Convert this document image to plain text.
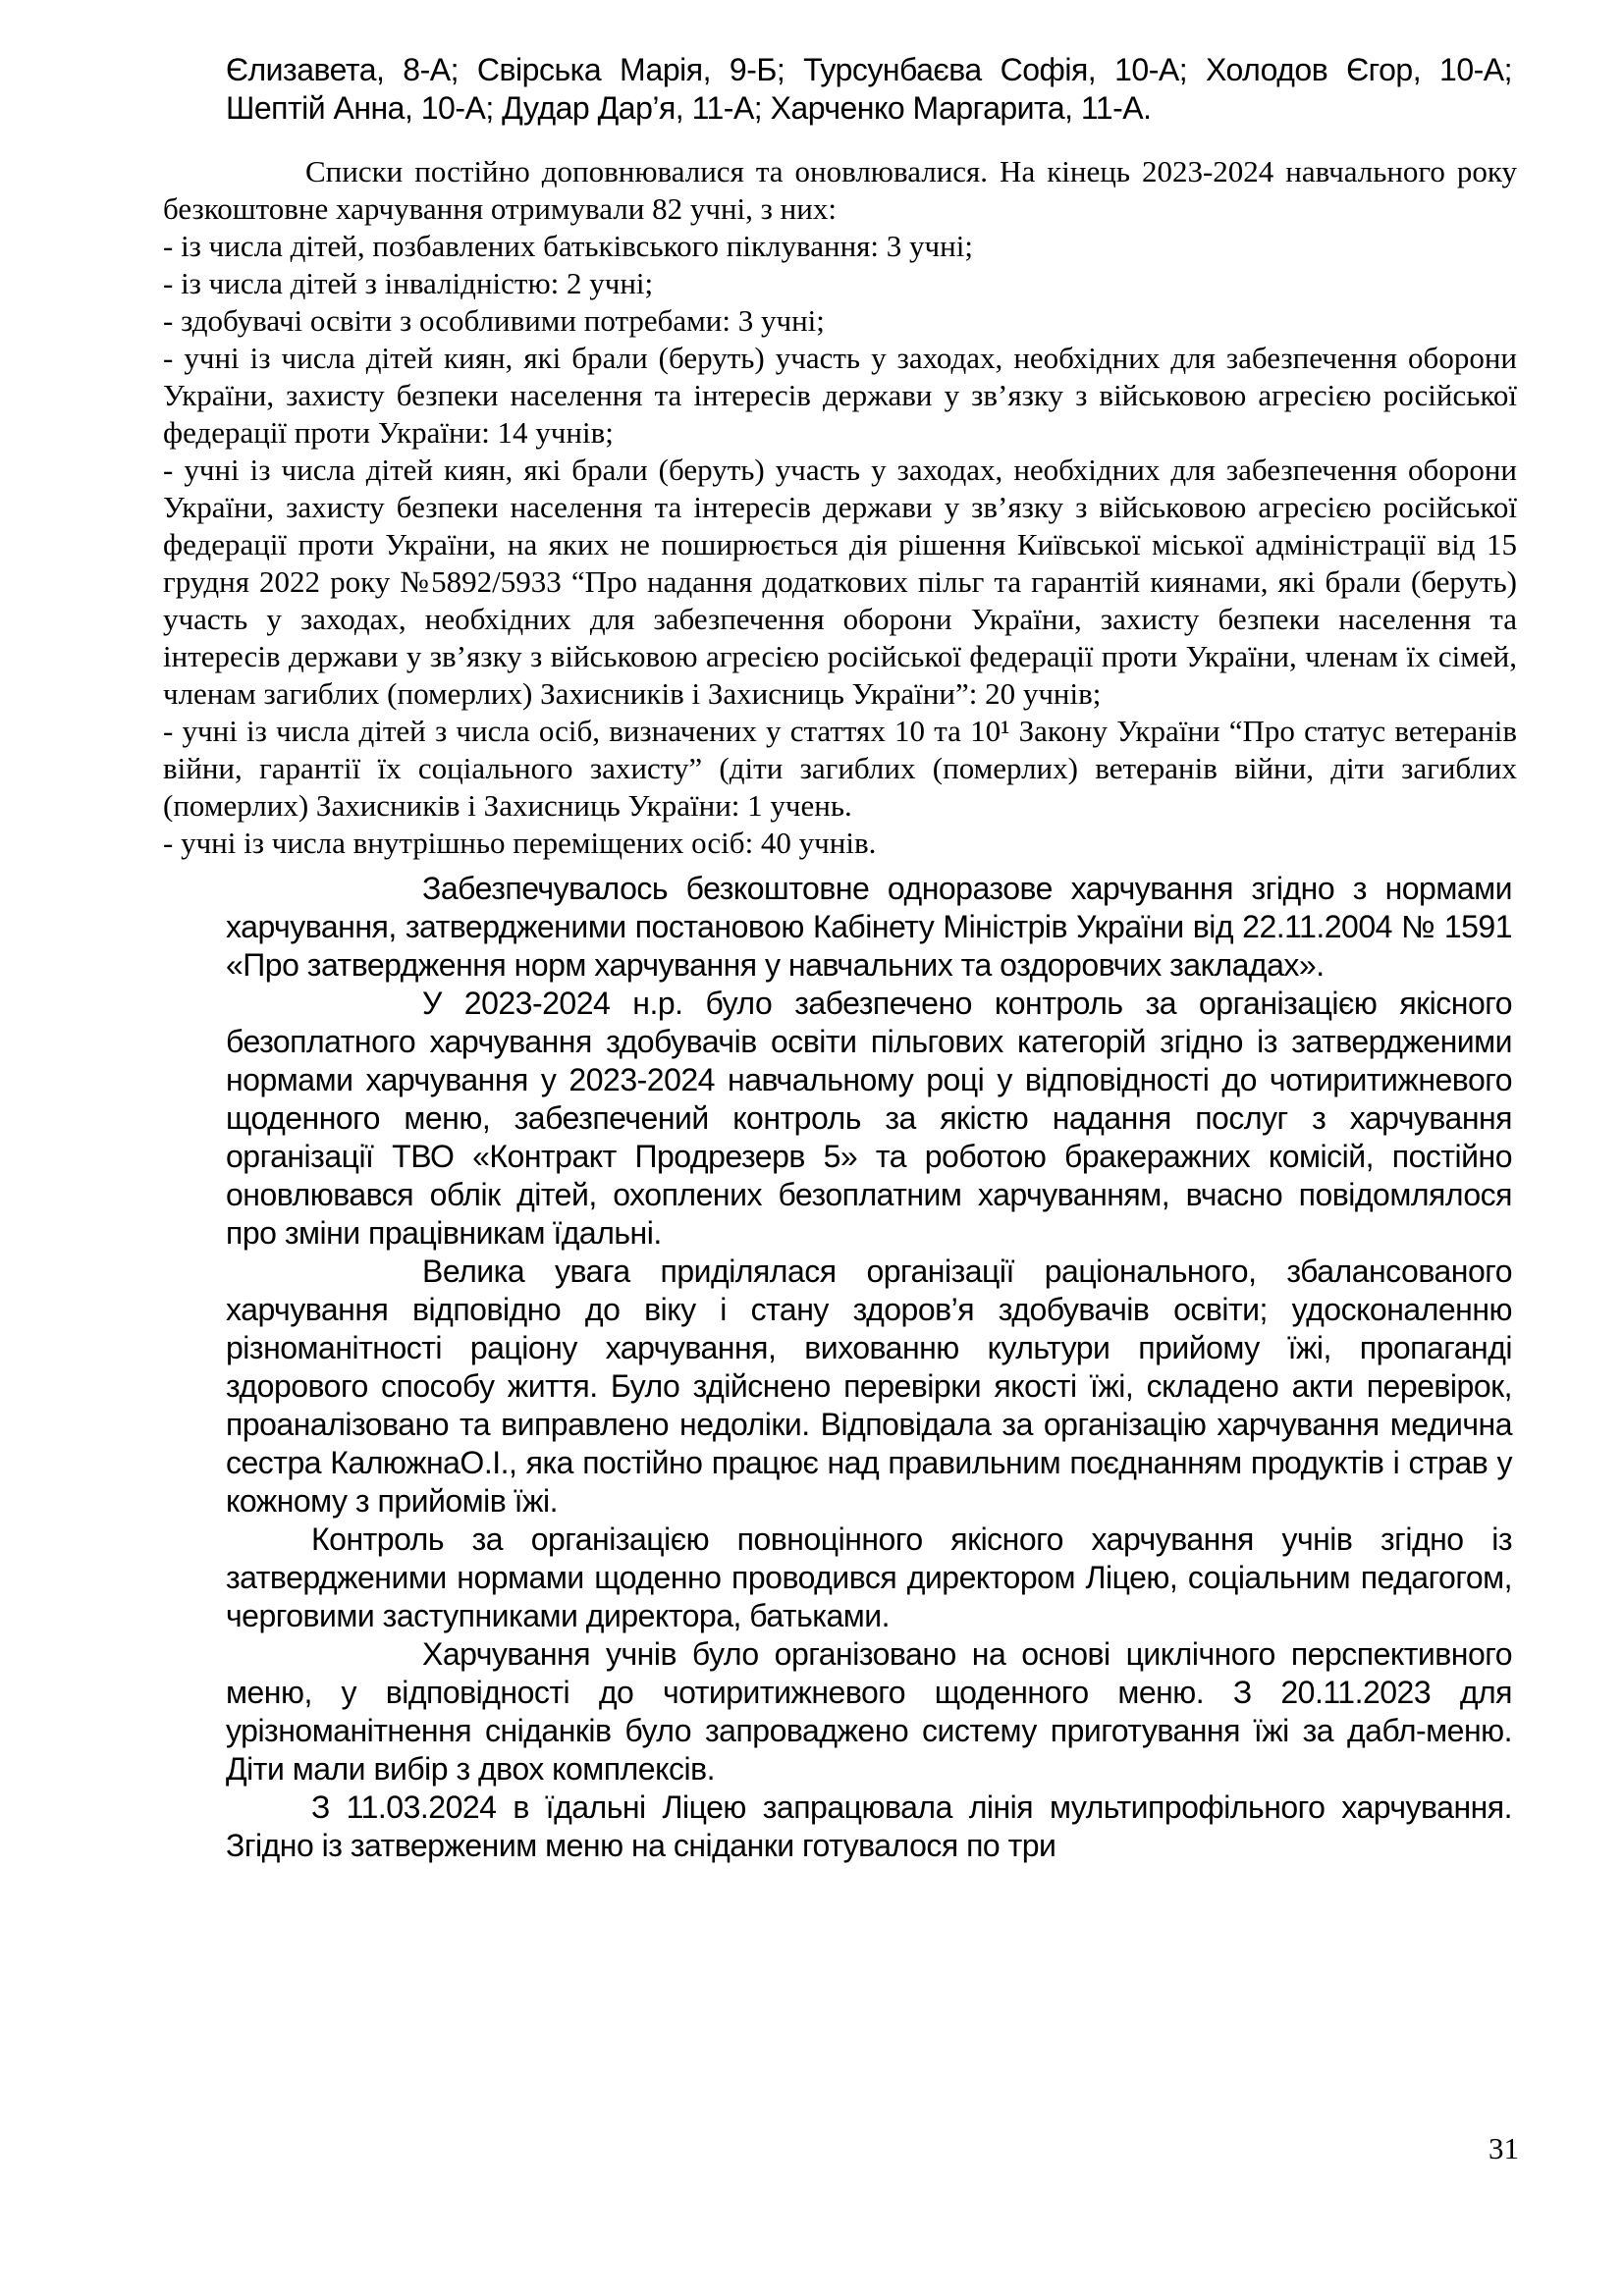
Єлизавета, 8-А; Свірська Марія, 9-Б; Турсунбаєва Софія, 10-А; Холодов Єгор, 10-А; Шептій Анна, 10-А; Дудар Дар’я, 11-А; Харченко Маргарита, 11-А.

Списки постійно доповнювалися та оновлювалися. На кінець 2023-2024 навчального року безкоштовне харчування отримували 82 учні, з них:

- із числа дітей, позбавлених батьківського піклування: 3 учні;

- із числа дітей з інвалідністю: 2 учні;

- здобувачі освіти з особливими потребами: 3 учні;

- учні із числа дітей киян, які брали (беруть) участь у заходах, необхідних для забезпечення оборони України, захисту безпеки населення та інтересів держави у зв’язку з військовою агресією російської федерації проти України: 14 учнів;

- учні із числа дітей киян, які брали (беруть) участь у заходах, необхідних для забезпечення оборони України, захисту безпеки населення та інтересів держави у зв’язку з військовою агресією російської федерації проти України, на яких не поширюється дія рішення Київської міської адміністрації від 15 грудня 2022 року №5892/5933 “Про надання додаткових пільг та гарантій киянами, які брали (беруть) участь у заходах, необхідних для забезпечення оборони України, захисту безпеки населення та інтересів держави у зв’язку з військовою агресією російської федерації проти України, членам їх сімей, членам загиблих (померлих) Захисників і Захисниць України”: 20 учнів;

- учні із числа дітей з числа осіб, визначених у статтях 10 та 10¹ Закону України “Про статус ветеранів війни, гарантії їх соціального захисту” (діти загиблих (померлих) ветеранів війни, діти загиблих (померлих) Захисників і Захисниць України: 1 учень.

- учні із числа внутрішньо переміщених осіб: 40 учнів.

Забезпечувалось безкоштовне одноразове харчування згідно з нормами харчування, затвердженими постановою Кабінету Міністрів України від 22.11.2004 № 1591 «Про затвердження норм харчування у навчальних та оздоровчих закладах».

У 2023-2024 н.р. було забезпечено контроль за організацією якісного безоплатного харчування здобувачів освіти пільгових категорій згідно із затвердженими нормами харчування у 2023-2024 навчальному році у відповідності до чотиритижневого щоденного меню, забезпечений контроль за якістю надання послуг з харчування організації ТВО «Контракт Продрезерв 5» та роботою бракеражних комісій, постійно оновлювався облік дітей, охоплених безоплатним харчуванням, вчасно повідомлялося про зміни працівникам їдальні.

Велика увага приділялася організації раціонального, збалансованого харчування відповідно до віку і стану здоров’я здобувачів освіти; удосконаленню різноманітності раціону харчування, вихованню культури прийому їжі, пропаганді здорового способу життя. Було здійснено перевірки якості їжі, складено акти перевірок, проаналізовано та виправлено недоліки. Відповідала за організацію харчування медична сестра КалюжнаО.І., яка постійно працює над правильним поєднанням продуктів і страв у кожному з прийомів їжі.

Контроль за організацією повноцінного якісного харчування учнів згідно із затвердженими нормами щоденно проводився директором Ліцею, соціальним педагогом, черговими заступниками директора, батьками.

Харчування учнів було організовано на основі циклічного перспективного меню, у відповідності до чотиритижневого щоденного меню. З 20.11.2023 для урізноманітнення сніданків було запроваджено систему приготування їжі за дабл-меню. Діти мали вибір з двох комплексів.

З 11.03.2024 в їдальні Ліцею запрацювала лінія мультипрофільного харчування. Згідно із затверженим меню на сніданки готувалося по три

31
